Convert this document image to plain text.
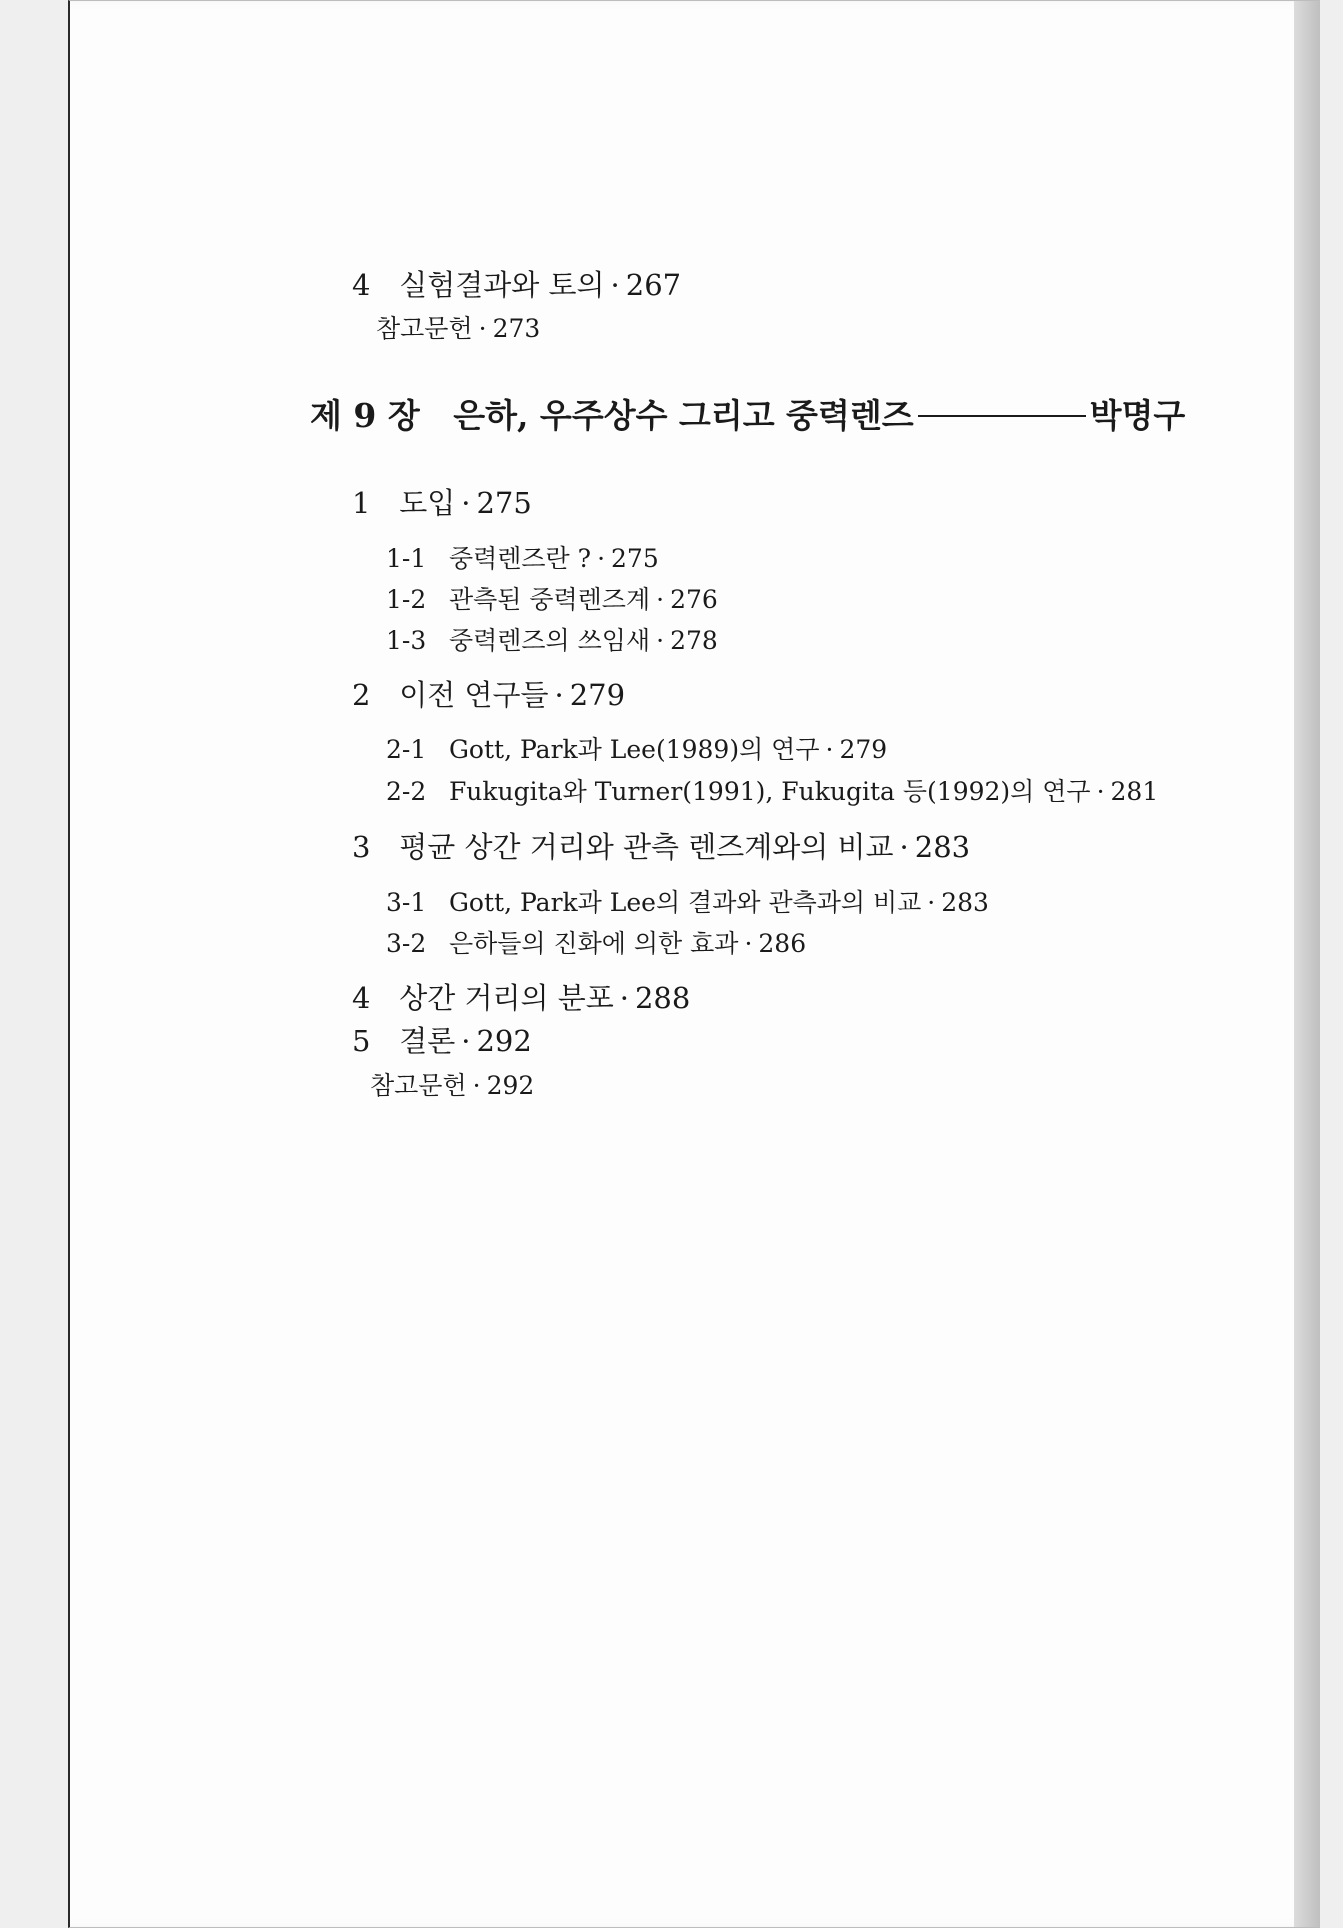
4 실험결과와 토의 · 267
참고문헌 · 273
제 9 장 은하, 우주상수 그리고 중력렌즈	박명구
1 도입 · 275
1-1 중력렌즈란 ? · 275
1-2 관측된 중력렌즈계 · 276
1-3 중력렌즈의 쓰임새 · 278
2 이전 연구들 · 279
2-1 Gott, Park과 Lee(1989)의 연구 · 279
2-2 Fukugita와 Turner(1991), Fukugita 등(1992)의 연구 · 281
3 평균 상간 거리와 관측 렌즈계와의 비교 · 283
3-1 Gott, Park과 Lee의 결과와 관측과의 비교 · 283
3-2 은하들의 진화에 의한 효과 · 286
4 상간 거리의 분포 · 288
5 결론 · 292
참고문헌 · 292
